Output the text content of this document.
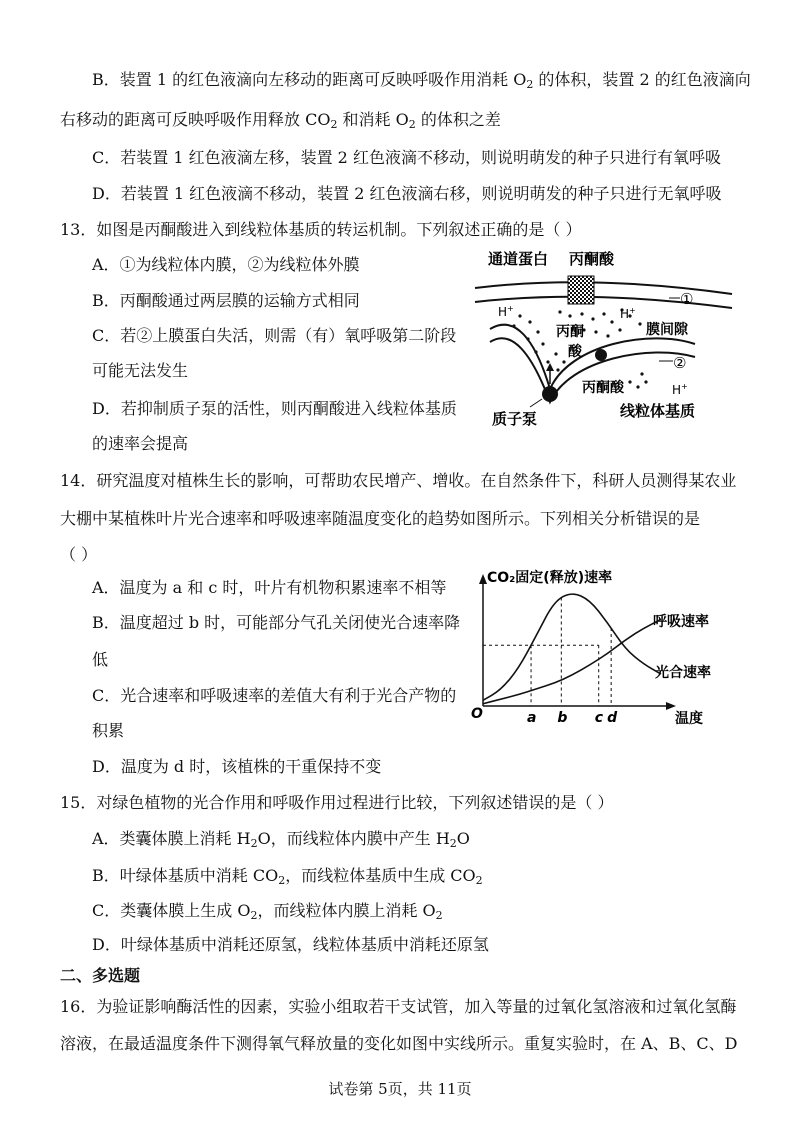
B．装置 1 的红色液滴向左移动的距离可反映呼吸作用消耗 $O_2$ 的体积，装置 2 的红色液滴向
右移动的距离可反映呼吸作用释放 $CO_2$ 和消耗 $O_2$ 的体积之差
C．若装置 1 红色液滴左移，装置 2 红色液滴不移动，则说明萌发的种子只进行有氧呼吸
D．若装置 1 红色液滴不移动，装置 2 红色液滴右移，则说明萌发的种子只进行无氧呼吸
13．如图是丙酮酸进入到线粒体基质的转运机制。下列叙述正确的是（ ）
A．①为线粒体内膜，②为线粒体外膜
B．丙酮酸通过两层膜的运输方式相同
C．若②上膜蛋白失活，则需（有）氧呼吸第二阶段
可能无法发生
D．若抑制质子泵的活性，则丙酮酸进入线粒体基质
的速率会提高
通道蛋白 丙酮酸
①
②
H+	H+
H+
膜间隙
丙酮
酸
丙酮酸
线粒体基质
质子泵
14．研究温度对植株生长的影响，可帮助农民增产、增收。在自然条件下，科研人员测得某农业
大棚中某植株叶片光合速率和呼吸速率随温度变化的趋势如图所示。下列相关分析错误的是
（ ）
A．温度为 a 和 c 时，叶片有机物积累速率不相等
B．温度超过 b 时，可能部分气孔关闭使光合速率降
低
C．光合速率和呼吸速率的差值大有利于光合产物的
积累
D．温度为 d 时，该植株的干重保持不变
CO₂固定(释放)速率
温度
O
呼吸速率
光合速率
a b c d
15．对绿色植物的光合作用和呼吸作用过程进行比较，下列叙述错误的是（ ）
A．类囊体膜上消耗 $H_2O$，而线粒体内膜中产生 $H_2O$
B．叶绿体基质中消耗 $CO_2$，而线粒体基质中生成 $CO_2$
C．类囊体膜上生成 $O_2$，而线粒体内膜上消耗 $O_2$
D．叶绿体基质中消耗还原氢，线粒体基质中消耗还原氢
二、多选题
16．为验证影响酶活性的因素，实验小组取若干支试管，加入等量的过氧化氢溶液和过氧化氢酶
溶液，在最适温度条件下测得氧气释放量的变化如图中实线所示。重复实验时，在 A、B、C、D
试卷第 5页，共 11页
